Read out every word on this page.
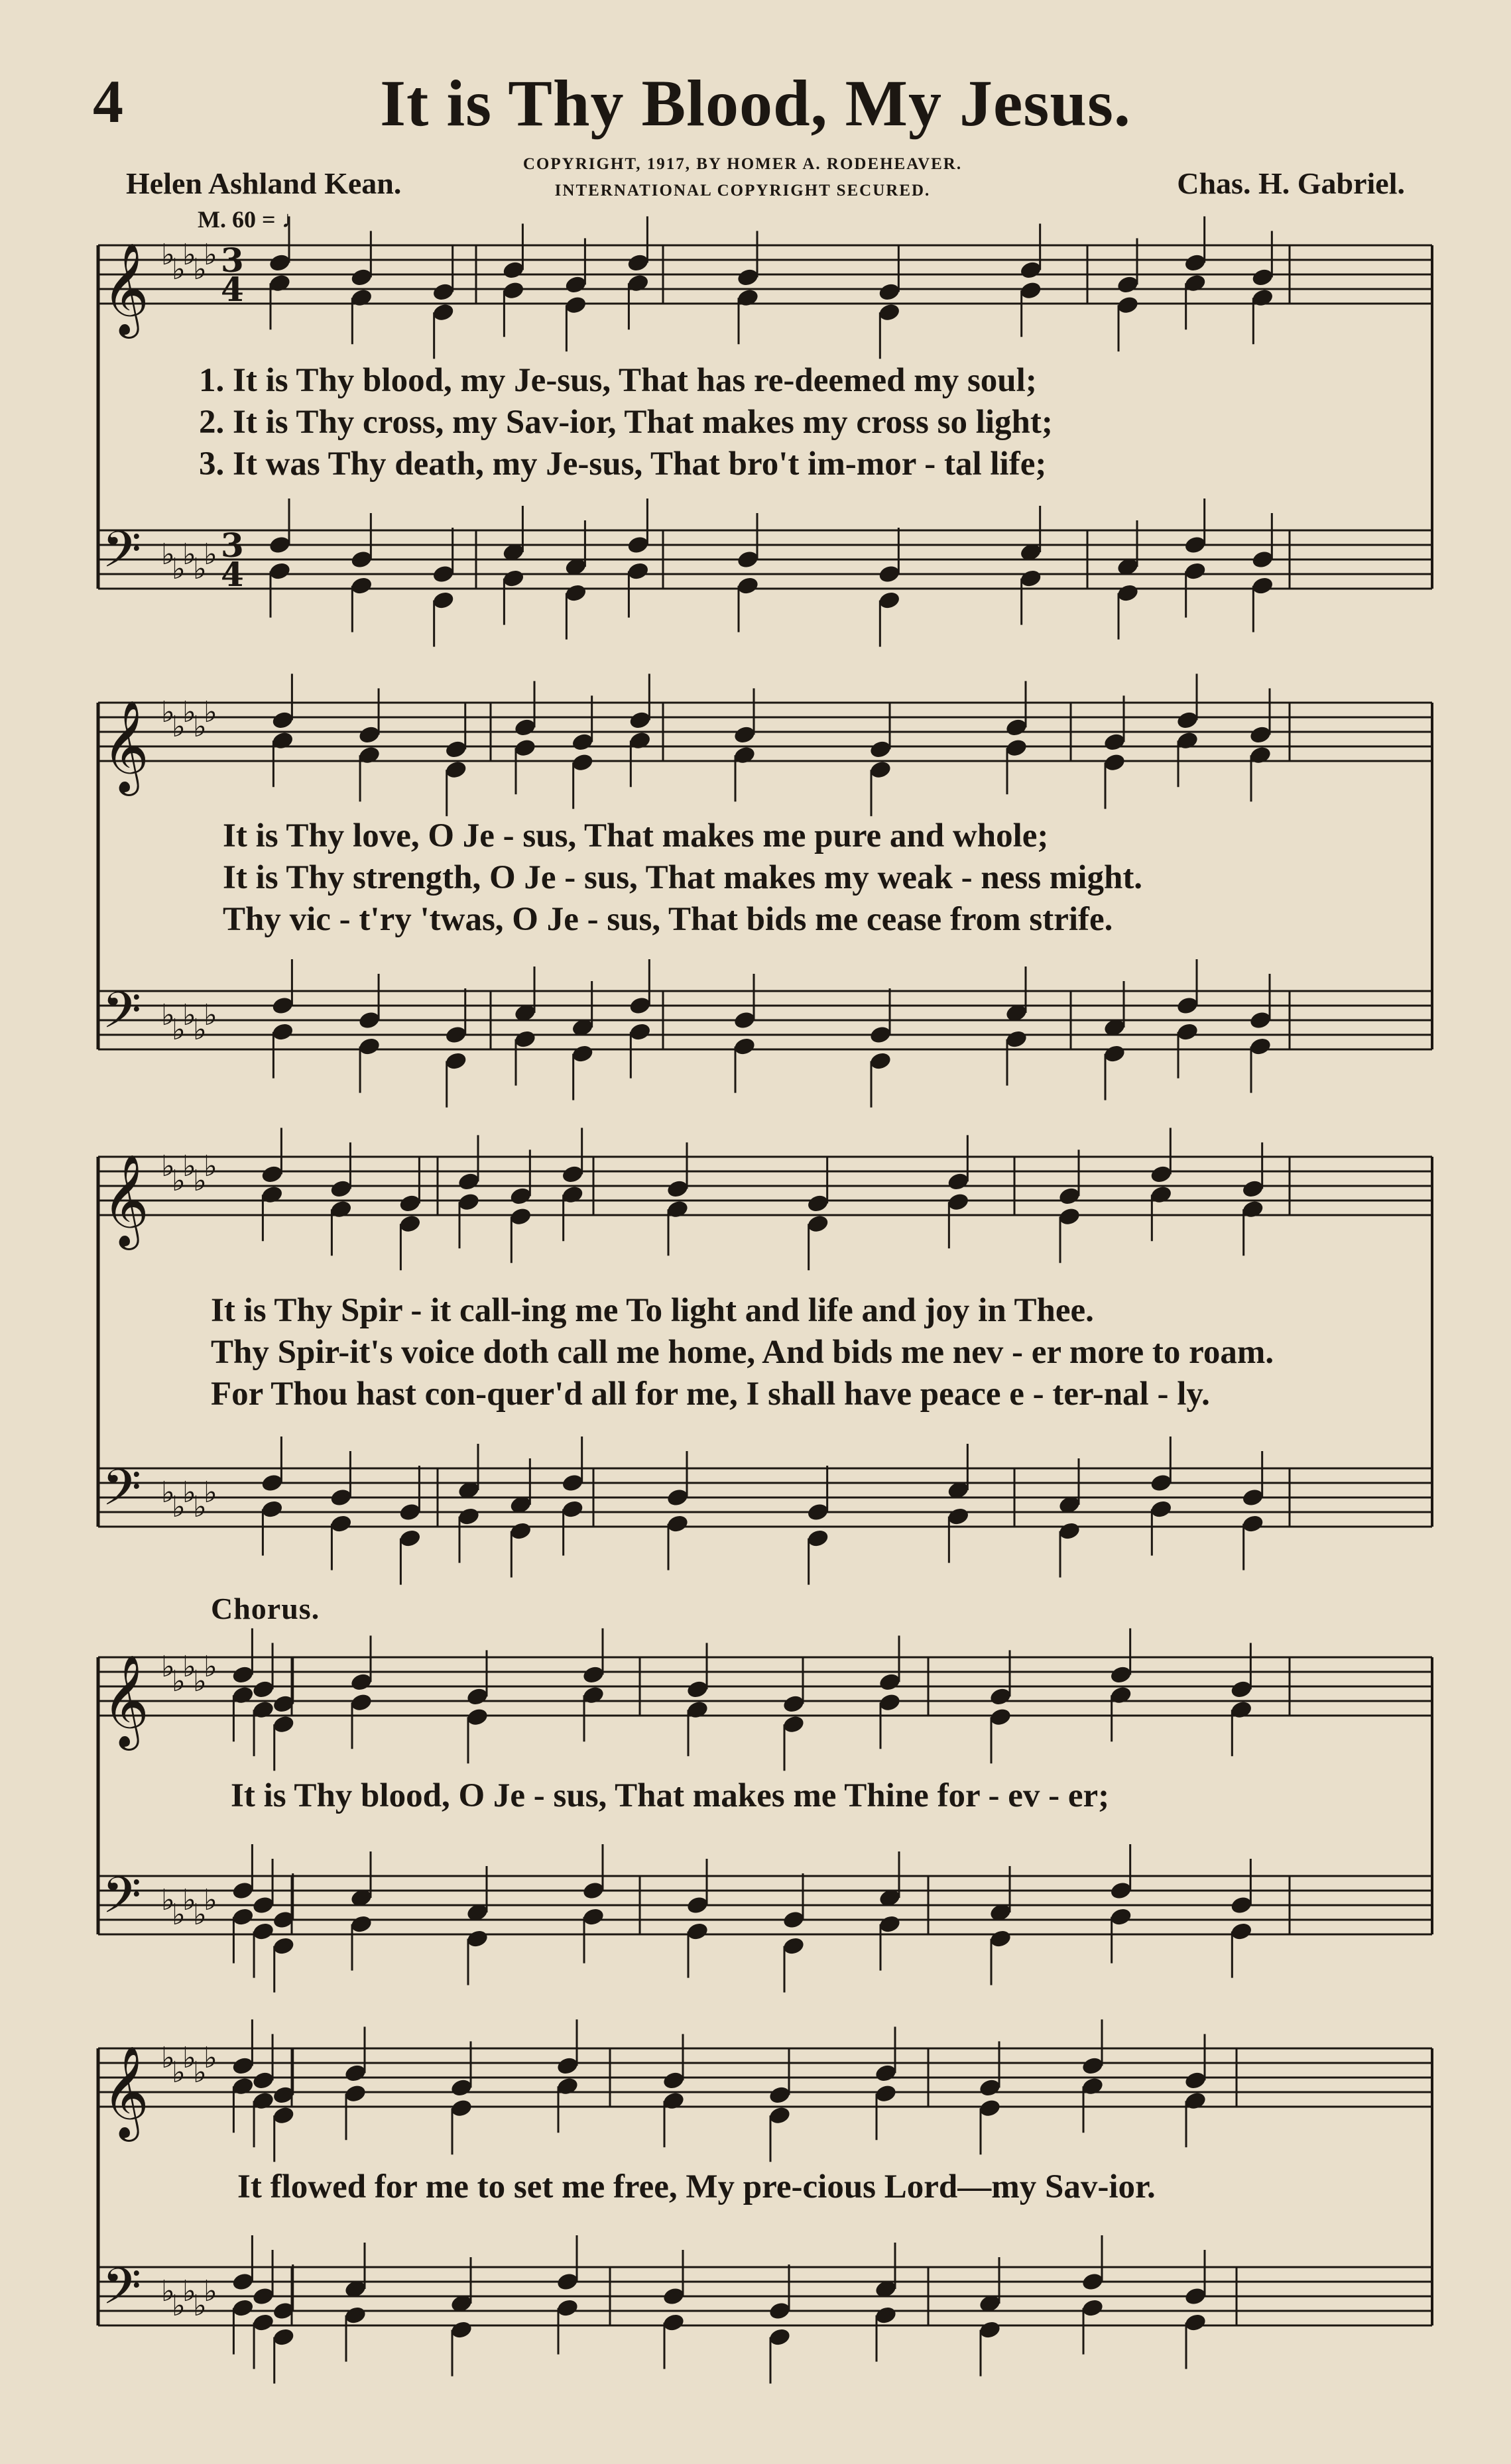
4	It is Thy Blood, My Jesus.
COPYRIGHT, 1917, BY HOMER A. RODEHEAVER.
INTERNATIONAL COPYRIGHT SECURED.
Helen Ashland Kean.	Chas. H. Gabriel.
M. 60 = ♩
𝄞
𝄢
♭
♭
♭
♭
♭
♭
♭
♭
♭
♭
𝄞
𝄢
♭
♭
♭
♭
♭
♭
♭
♭
♭
♭
𝄞
𝄢
♭
♭
♭
♭
♭
♭
♭
♭
♭
♭
𝄞
𝄢
♭
♭
♭
♭
♭
♭
♭
♭
♭
♭
𝄞
𝄢
♭
♭
♭
♭
♭
♭
♭
♭
♭
♭
3
4
3
4
1. It is Thy blood, my Je-sus, That has re-deemed my soul;
2. It is Thy cross, my Sav-ior, That makes my cross so light;
3. It was Thy death, my Je-sus, That bro't im-mor - tal life;
It is Thy love, O Je - sus, That makes me pure and whole;
It is Thy strength, O Je - sus, That makes my weak - ness might.
Thy vic - t'ry 'twas, O Je - sus, That bids me cease from strife.
It is Thy Spir - it call-ing me To light and life and joy in Thee.
Thy Spir-it's voice doth call me home, And bids me nev - er more to roam.
For Thou hast con-quer'd all for me, I shall have peace e - ter-nal - ly.
Chorus.
It is Thy blood, O Je - sus, That makes me Thine for - ev - er;
It flowed for me to set me free, My pre-cious Lord—my Sav-ior.
